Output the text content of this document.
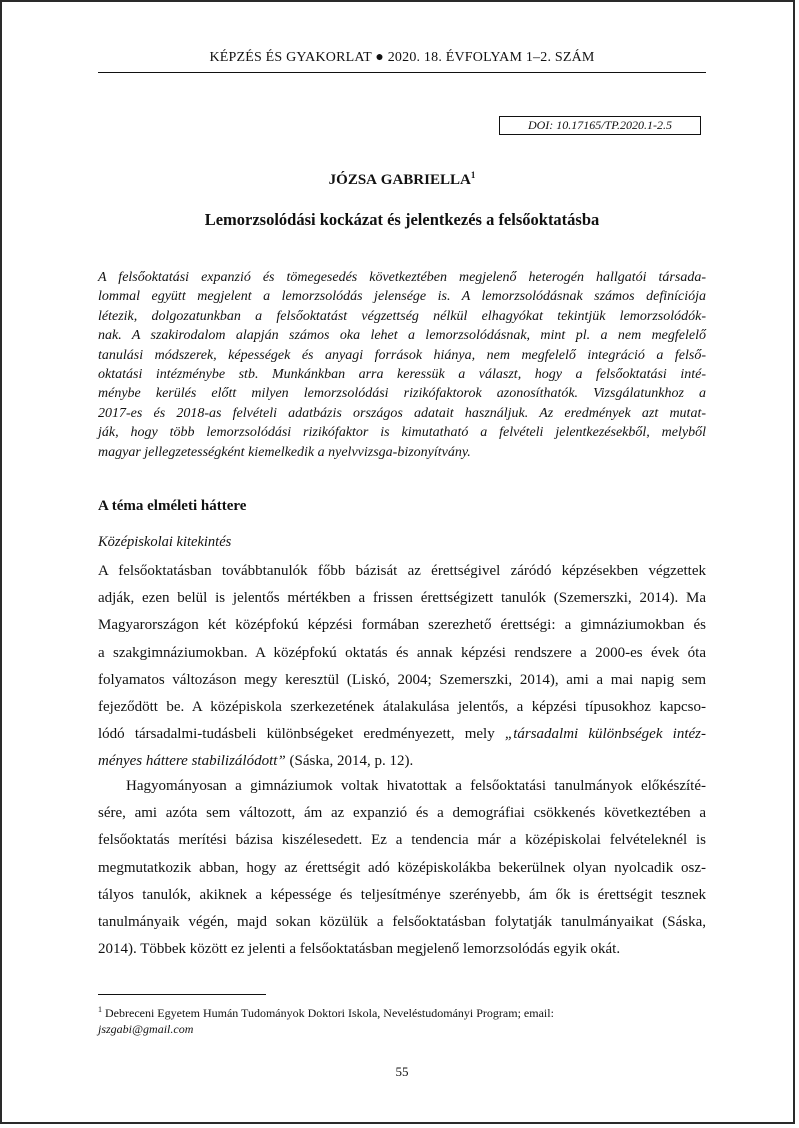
KÉPZÉS ÉS GYAKORLAT ● 2020. 18. ÉVFOLYAM 1–2. SZÁM
DOI: 10.17165/TP.2020.1-2.5
JÓZSA GABRIELLA$^1$
Lemorzsolódási kockázat és jelentkezés a felsőoktatásba
A felsőoktatási expanzió és tömegesedés következtében megjelenő heterogén hallgatói társada-
lommal együtt megjelent a lemorzsolódás jelensége is. A lemorzsolódásnak számos definíciója
létezik, dolgozatunkban a felsőoktatást végzettség nélkül elhagyókat tekintjük lemorzsolódók-
nak. A szakirodalom alapján számos oka lehet a lemorzsolódásnak, mint pl. a nem megfelelő
tanulási módszerek, képességek és anyagi források hiánya, nem megfelelő integráció a felső-
oktatási intézménybe stb. Munkánkban arra keressük a választ, hogy a felsőoktatási inté-
ménybe kerülés előtt milyen lemorzsolódási rizikófaktorok azonosíthatók. Vizsgálatunkhoz a
2017-es és 2018-as felvételi adatbázis országos adatait használjuk. Az eredmények azt mutat-
ják, hogy több lemorzsolódási rizikófaktor is kimutatható a felvételi jelentkezésekből, melyből
magyar jellegzetességként kiemelkedik a nyelvvizsga-bizonyítvány.
A téma elméleti háttere
Középiskolai kitekintés
A felsőoktatásban továbbtanulók főbb bázisát az érettségivel záródó képzésekben végzettek
adják, ezen belül is jelentős mértékben a frissen érettségizett tanulók (Szemerszki, 2014). Ma
Magyarországon két középfokú képzési formában szerezhető érettségi: a gimnáziumokban és
a szakgimnáziumokban. A középfokú oktatás és annak képzési rendszere a 2000-es évek óta
folyamatos változáson megy keresztül (Liskó, 2004; Szemerszki, 2014), ami a mai napig sem
fejeződött be. A középiskola szerkezetének átalakulása jelentős, a képzési típusokhoz kapcso-
lódó társadalmi-tudásbeli különbségeket eredményezett, mely „társadalmi különbségek intéz-
ményes háttere stabilizálódott” (Sáska, 2014, p. 12).
Hagyományosan a gimnáziumok voltak hivatottak a felsőoktatási tanulmányok előkészíté-
sére, ami azóta sem változott, ám az expanzió és a demográfiai csökkenés következtében a
felsőoktatás merítési bázisa kiszélesedett. Ez a tendencia már a középiskolai felvételeknél is
megmutatkozik abban, hogy az érettségit adó középiskolákba bekerülnek olyan nyolcadik osz-
tályos tanulók, akiknek a képessége és teljesítménye szerényebb, ám ők is érettségit tesznek
tanulmányaik végén, majd sokan közülük a felsőoktatásban folytatják tanulmányaikat (Sáska,
2014). Többek között ez jelenti a felsőoktatásban megjelenő lemorzsolódás egyik okát.
$^1$ Debreceni Egyetem Humán Tudományok Doktori Iskola, Neveléstudományi Program; email:
jszgabi@gmail.com
55
